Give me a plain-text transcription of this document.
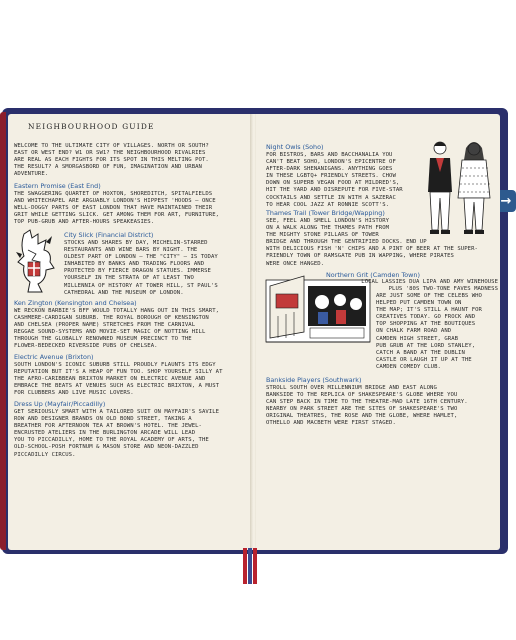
→
NEIGHBOURHOOD GUIDE
WELCOME TO THE ULTIMATE CITY OF VILLAGES. NORTH OR SOUTH?
EAST OR WEST END? W1 OR SW1? THE NEIGHBOURHOOD RIVALRIES
ARE REAL AS EACH FIGHTS FOR ITS SPOT IN THIS MELTING POT.
THE RESULT? A SMORGASBORD OF FUN, IMAGINATION AND URBAN
ADVENTURE.
Eastern Promise (East End)
THE SWAGGERING QUARTET OF HOXTON, SHOREDITCH, SPITALFIELDS
AND WHITECHAPEL ARE ARGUABLY LONDON'S HIPPEST 'HOODS – ONCE
WELL-DOGGY PARTS OF EAST LONDON THAT HAVE MAINTAINED THEIR
GRIT WHILE GETTING SLICK. GET AMONG THEM FOR ART, FURNITURE,
TOP PUB-GRUB AND AFTER-HOURS SPEAKEASIES.
City Slick (Financial District)
STOCKS AND SHARES BY DAY, MICHELIN-STARRED
RESTAURANTS AND WINE BARS BY NIGHT. THE
OLDEST PART OF LONDON – THE "CITY" – IS TODAY
INHABITED BY BANKS AND TRADING FLOORS AND
PROTECTED BY FIERCE DRAGON STATUES. IMMERSE
YOURSELF IN THE STRATA OF AT LEAST TWO
MILLENNIA OF HISTORY AT TOWER HILL, ST PAUL'S
CATHEDRAL AND THE MUSEUM OF LONDON.
Ken Zington (Kensington and Chelsea)
WE RECKON BARBIE'S BFF WOULD TOTALLY HANG OUT IN THIS SMART,
CASHMERE-CARDIGAN SUBURB. THE ROYAL BOROUGH OF KENSINGTON
AND CHELSEA (PROPER NAME) STRETCHES FROM THE CARNIVAL
REGGAE SOUND-SYSTEMS AND MOVIE-SET MAGIC OF NOTTING HILL
THROUGH THE GLOBALLY RENOWNED MUSEUM PRECINCT TO THE
FLOWER-BEDECKED RIVERSIDE PUBS OF CHELSEA.
Electric Avenue (Brixton)
SOUTH LONDON'S ICONIC SUBURB STILL PROUDLY FLAUNTS ITS EDGY
REPUTATION BUT IT'S A HEAP OF FUN TOO. SHOP YOURSELF SILLY AT
THE AFRO-CARIBBEAN BRIXTON MARKET ON ELECTRIC AVENUE AND
EMBRACE THE BEATS AT VENUES SUCH AS ELECTRIC BRIXTON, A MUST
FOR CLUBBERS AND LIVE MUSIC LOVERS.
Dress Up (Mayfair/Piccadilly)
GET SERIOUSLY SMART WITH A TAILORED SUIT ON MAYFAIR'S SAVILE
ROW AND DESIGNER BRANDS ON OLD BOND STREET, TAKING A
BREATHER FOR AFTERNOON TEA AT BROWN'S HOTEL. THE JEWEL-
ENCRUSTED ATELIERS IN THE BURLINGTON ARCADE WILL LEAD
YOU TO PICCADILLY, HOME TO THE ROYAL ACADEMY OF ARTS, THE
OLD-SCHOOL-POSH FORTNUM & MASON STORE AND NEON-DAZZLED
PICCADILLY CIRCUS.
Night Owls (Soho)
FOR BISTROS, BARS AND BACCHANALIA YOU
CAN'T BEAT SOHO, LONDON'S EPICENTRE OF
AFTER-DARK SHENANIGANS. ANYTHING GOES
IN THESE LGBTQ+ FRIENDLY STREETS. CHOW
DOWN ON SUPERB VEGAN FOOD AT MILDRED'S,
HIT THE YARD AND DISREPUTE FOR FIVE-STAR
COCKTAILS AND SETTLE IN WITH A SAZERAC
TO HEAR COOL JAZZ AT RONNIE SCOTT'S.
Thames Trail (Tower Bridge/Wapping)
SEE, FEEL AND SMELL LONDON'S HISTORY
ON A WALK ALONG THE THAMES PATH FROM
THE MIGHTY STONE PILLARS OF TOWER
BRIDGE AND THROUGH THE GENTRIFIED DOCKS. END UP
WITH DELICIOUS FISH 'N' CHIPS AND A PINT OF BEER AT THE SUPER-
FRIENDLY TOWN OF RAMSGATE PUB IN WAPPING, WHERE PIRATES
WERE ONCE HANGED.
Northern Grit (Camden Town)
LOCAL LASSIES DUA LIPA AND AMY WINEHOUSE
PLUS '80S TWO-TONE FAVES MADNESS
ARE JUST SOME OF THE CELEBS WHO
HELPED PUT CAMDEN TOWN ON
THE MAP; IT'S STILL A HAUNT FOR
CREATIVES TODAY. GO FROCK AND
TOP SHOPPING AT THE BOUTIQUES
ON CHALK FARM ROAD AND
CAMDEN HIGH STREET, GRAB
PUB GRUB AT THE LORD STANLEY,
CATCH A BAND AT THE DUBLIN
CASTLE OR LAUGH IT UP AT THE
CAMDEN COMEDY CLUB.
Bankside Players (Southwark)
STROLL SOUTH OVER MILLENNIUM BRIDGE AND EAST ALONG
BANKSIDE TO THE REPLICA OF SHAKESPEARE'S GLOBE WHERE YOU
CAN STEP BACK IN TIME TO THE THEATRE-MAD LATE 16TH CENTURY.
NEARBY ON PARK STREET ARE THE SITES OF SHAKESPEARE'S TWO
ORIGINAL THEATRES, THE ROSE AND THE GLOBE, WHERE HAMLET,
OTHELLO AND MACBETH WERE FIRST STAGED.
